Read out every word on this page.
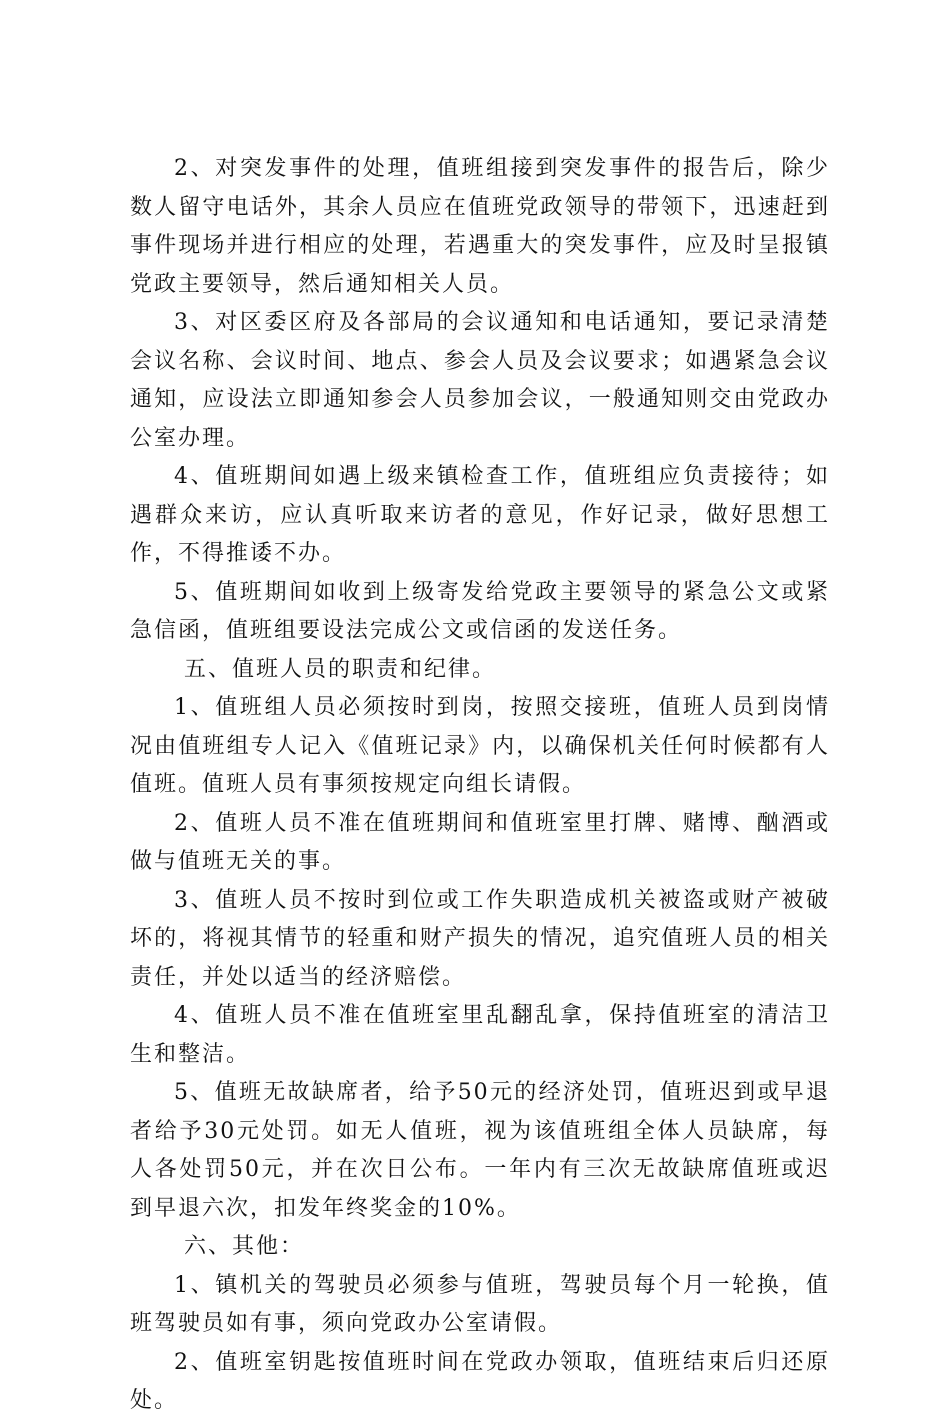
2、对突发事件的处理，值班组接到突发事件的报告后，除少数人留守电话外，其余人员应在值班党政领导的带领下，迅速赶到事件现场并进行相应的处理，若遇重大的突发事件，应及时呈报镇党政主要领导，然后通知相关人员。

3、对区委区府及各部局的会议通知和电话通知，要记录清楚会议名称、会议时间、地点、参会人员及会议要求；如遇紧急会议通知，应设法立即通知参会人员参加会议，一般通知则交由党政办公室办理。

4、值班期间如遇上级来镇检查工作，值班组应负责接待；如遇群众来访，应认真听取来访者的意见，作好记录，做好思想工作，不得推诿不办。

5、值班期间如收到上级寄发给党政主要领导的紧急公文或紧急信函，值班组要设法完成公文或信函的发送任务。

五、值班人员的职责和纪律。

1、值班组人员必须按时到岗，按照交接班，值班人员到岗情况由值班组专人记入《值班记录》内，以确保机关任何时候都有人值班。值班人员有事须按规定向组长请假。

2、值班人员不准在值班期间和值班室里打牌、赌博、酗酒或做与值班无关的事。

3、值班人员不按时到位或工作失职造成机关被盗或财产被破坏的，将视其情节的轻重和财产损失的情况，追究值班人员的相关责任，并处以适当的经济赔偿。

4、值班人员不准在值班室里乱翻乱拿，保持值班室的清洁卫生和整洁。

5、值班无故缺席者，给予50元的经济处罚，值班迟到或早退者给予30元处罚。如无人值班，视为该值班组全体人员缺席，每人各处罚50元，并在次日公布。一年内有三次无故缺席值班或迟到早退六次，扣发年终奖金的10%。

六、其他：

1、镇机关的驾驶员必须参与值班，驾驶员每个月一轮换，值班驾驶员如有事，须向党政办公室请假。

2、值班室钥匙按值班时间在党政办领取，值班结束后归还原处。
